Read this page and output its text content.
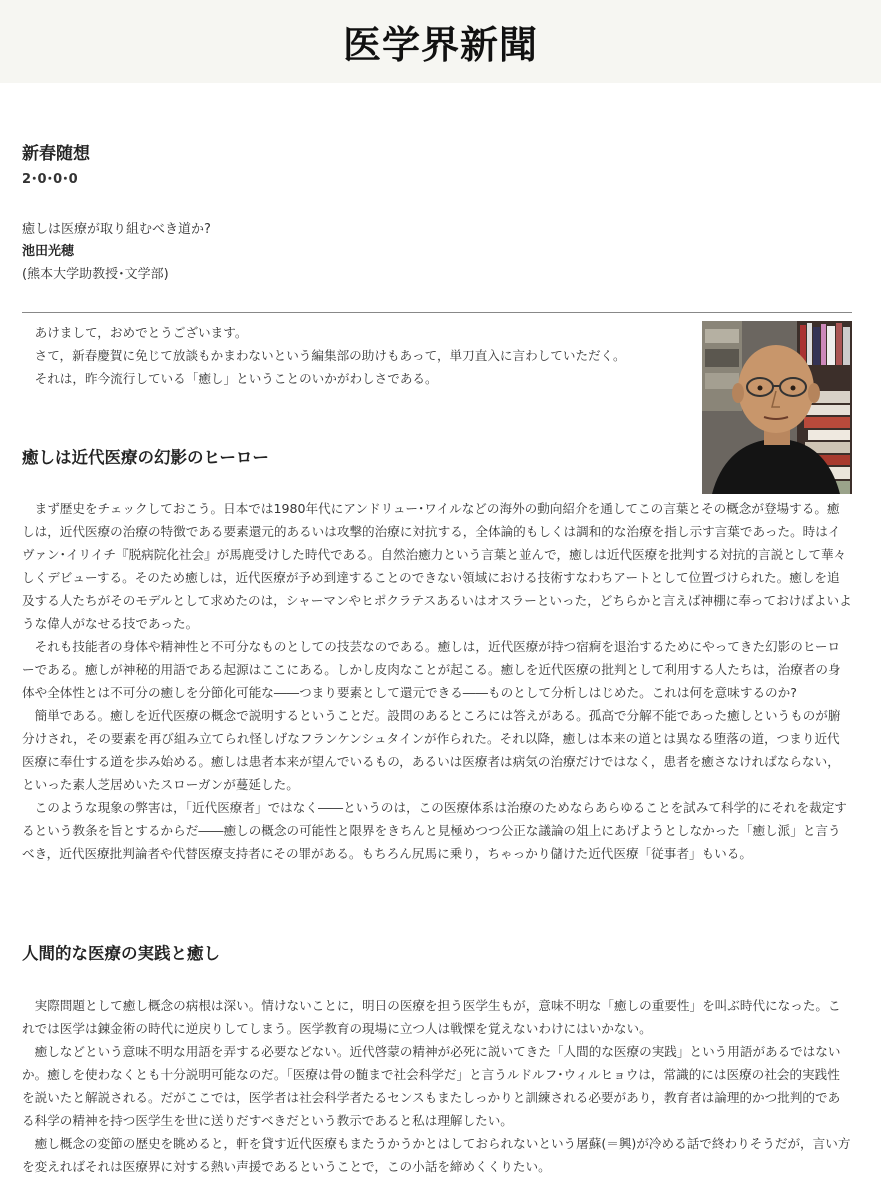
医学界新聞
新春随想
2･0･0･0
癒しは医療が取り組むべき道か?
池田光穂
(熊本大学助教授･文学部)

あけまして，おめでとうございます。

さて，新春慶賀に免じて放談もかまわないという編集部の助けもあって，単刀直入に言わしていただく。

それは，昨今流行している「癒し」ということのいかがわしさである。

癒しは近代医療の幻影のヒーロー

まず歴史をチェックしておこう。日本では1980年代にアンドリュー･ワイルなどの海外の動向紹介を通してこの言葉とその概念が登場する。癒しは，近代医療の治療の特徴である要素還元的あるいは攻撃的治療に対抗する，全体論的もしくは調和的な治療を指し示す言葉であった。時はイヴァン･イリイチ『脱病院化社会』が馬鹿受けした時代である。自然治癒力という言葉と並んで，癒しは近代医療を批判する対抗的言説として華々しくデビューする。そのため癒しは，近代医療が予め到達することのできない領域における技術すなわちアートとして位置づけられた。癒しを追及する人たちがそのモデルとして求めたのは，シャーマンやヒポクラテスあるいはオスラーといった，どちらかと言えば神棚に奉っておけばよいような偉人がなせる技であった。

それも技能者の身体や精神性と不可分なものとしての技芸なのである。癒しは，近代医療が持つ宿痾を退治するためにやってきた幻影のヒーローである。癒しが神秘的用語である起源はここにある。しかし皮肉なことが起こる。癒しを近代医療の批判として利用する人たちは，治療者の身体や全体性とは不可分の癒しを分節化可能な――つまり要素として還元できる――ものとして分析しはじめた。これは何を意味するのか?

簡単である。癒しを近代医療の概念で説明するということだ。設問のあるところには答えがある。孤高で分解不能であった癒しというものが腑分けされ，その要素を再び組み立てられ怪しげなフランケンシュタインが作られた。それ以降，癒しは本来の道とは異なる堕落の道，つまり近代医療に奉仕する道を歩み始める。癒しは患者本来が望んでいるもの，あるいは医療者は病気の治療だけではなく，患者を癒さなければならない，といった素人芝居めいたスローガンが蔓延した。

このような現象の弊害は，「近代医療者」ではなく――というのは，この医療体系は治療のためならあらゆることを試みて科学的にそれを裁定するという教条を旨とするからだ――癒しの概念の可能性と限界をきちんと見極めつつ公正な議論の俎上にあげようとしなかった「癒し派」と言うべき，近代医療批判論者や代替医療支持者にその罪がある。もちろん尻馬に乗り，ちゃっかり儲けた近代医療「従事者」もいる。

人間的な医療の実践と癒し

実際問題として癒し概念の病根は深い。情けないことに，明日の医療を担う医学生もが，意味不明な「癒しの重要性」を叫ぶ時代になった。これでは医学は錬金術の時代に逆戻りしてしまう。医学教育の現場に立つ人は戦慄を覚えないわけにはいかない。

癒しなどという意味不明な用語を弄する必要などない。近代啓蒙の精神が必死に説いてきた「人間的な医療の実践」という用語があるではないか。癒しを使わなくとも十分説明可能なのだ。「医療は骨の髄まで社会科学だ」と言うルドルフ･ウィルヒョウは，常識的には医療の社会的実践性を説いたと解説される。だがここでは，医学者は社会科学者たるセンスもまたしっかりと訓練される必要があり，教育者は論理的かつ批判的である科学の精神を持つ医学生を世に送りだすべきだという教示であると私は理解したい。

癒し概念の変節の歴史を眺めると，軒を貸す近代医療もまたうかうかとはしておられないという屠蘇(＝興)が冷める話で終わりそうだが，言い方を変えればそれは医療界に対する熱い声援であるということで，この小話を締めくくりたい。
